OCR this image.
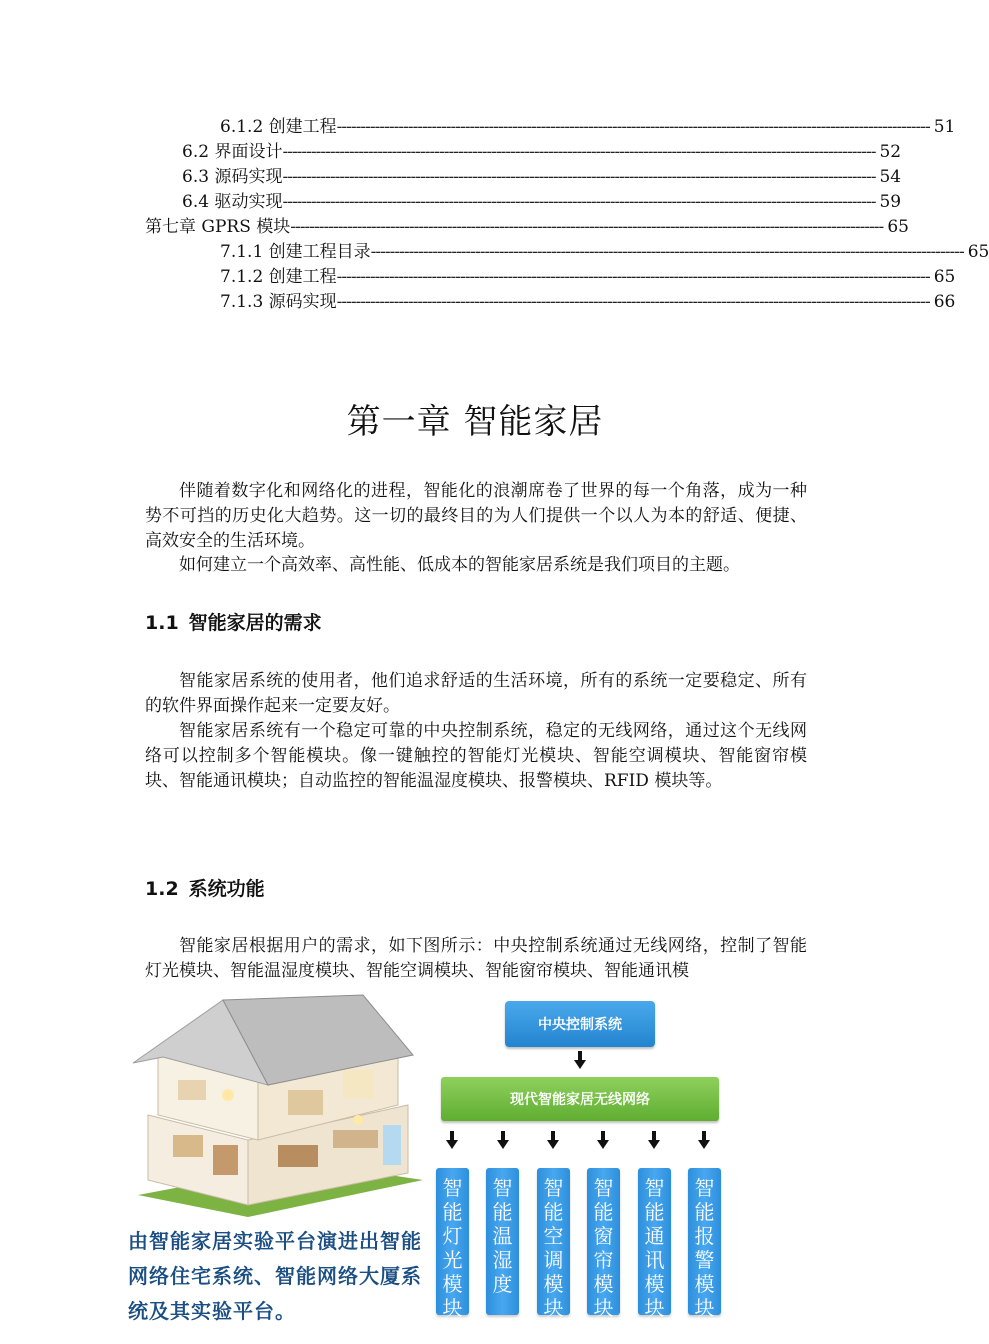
6.1.2 创建工程 ----------------------------------------------------------------------------------------------------------------------------- 51
6.2 界面设计 ----------------------------------------------------------------------------------------------------------------------------- 52
6.3 源码实现 ----------------------------------------------------------------------------------------------------------------------------- 54
6.4 驱动实现 ----------------------------------------------------------------------------------------------------------------------------- 59
第七章 GPRS 模块 ----------------------------------------------------------------------------------------------------------------------------- 65
7.1.1 创建工程目录 ----------------------------------------------------------------------------------------------------------------------------- 65
7.1.2 创建工程 ----------------------------------------------------------------------------------------------------------------------------- 65
7.1.3 源码实现 ----------------------------------------------------------------------------------------------------------------------------- 66
第一章 智能家居
伴随着数字化和网络化的进程，智能化的浪潮席卷了世界的每一个角落，成为一种势不可挡的历史化大趋势。这一切的最终目的为人们提供一个以人为本的舒适、便捷、高效安全的生活环境。
如何建立一个高效率、高性能、低成本的智能家居系统是我们项目的主题。
1.1 智能家居的需求
智能家居系统的使用者，他们追求舒适的生活环境，所有的系统一定要稳定、所有的软件界面操作起来一定要友好。
智能家居系统有一个稳定可靠的中央控制系统，稳定的无线网络，通过这个无线网络可以控制多个智能模块。像一键触控的智能灯光模块、智能空调模块、智能窗帘模块、智能通讯模块；自动监控的智能温湿度模块、报警模块、RFID 模块等。
1.2 系统功能
智能家居根据用户的需求，如下图所示：中央控制系统通过无线网络，控制了智能灯光模块、智能温湿度模块、智能空调模块、智能窗帘模块、智能通讯模
由智能家居实验平台演进出智能网络住宅系统、智能网络大厦系统及其实验平台。
中央控制系统
现代智能家居无线网络
智
能
灯
光
模
块
智
能
温
湿
度
智
能
空
调
模
块
智
能
窗
帘
模
块
智
能
通
讯
模
块
智
能
报
警
模
块
